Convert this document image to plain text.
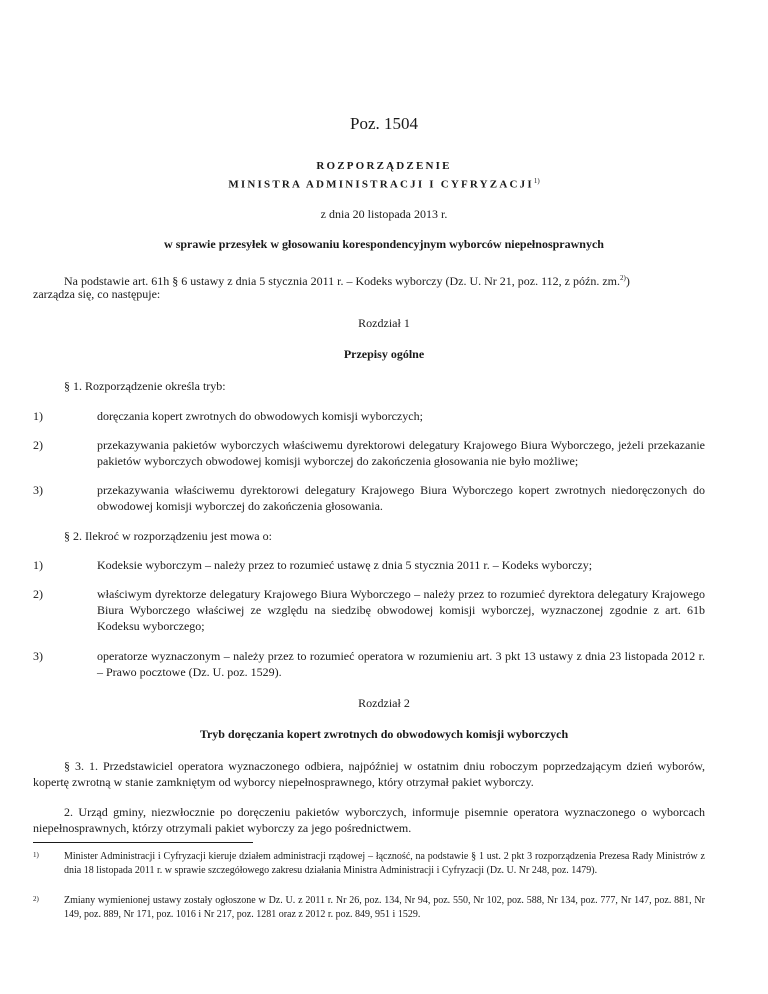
Poz. 1504
ROZPORZĄDZENIE
MINISTRA ADMINISTRACJI I CYFRYZACJI$^{1)}$
z dnia 20 listopada 2013 r.
w sprawie przesyłek w głosowaniu korespondencyjnym wyborców niepełnosprawnych
Na podstawie art. 61h § 6 ustawy z dnia 5 stycznia 2011 r. – Kodeks wyborczy (Dz. U. Nr 21, poz. 112, z późn. zm.$^{2)}$)
zarządza się, co następuje:
Rozdział 1
Przepisy ogólne
§ 1. Rozporządzenie określa tryb:
1)	doręczania kopert zwrotnych do obwodowych komisji wyborczych;
2)	przekazywania pakietów wyborczych właściwemu dyrektorowi delegatury Krajowego Biura Wyborczego, jeżeli przekazanie pakietów wyborczych obwodowej komisji wyborczej do zakończenia głosowania nie było możliwe;
3)	przekazywania właściwemu dyrektorowi delegatury Krajowego Biura Wyborczego kopert zwrotnych niedoręczonych do obwodowej komisji wyborczej do zakończenia głosowania.
§ 2. Ilekroć w rozporządzeniu jest mowa o:
1)	Kodeksie wyborczym – należy przez to rozumieć ustawę z dnia 5 stycznia 2011 r. – Kodeks wyborczy;
2)	właściwym dyrektorze delegatury Krajowego Biura Wyborczego – należy przez to rozumieć dyrektora delegatury Krajowego Biura Wyborczego właściwej ze względu na siedzibę obwodowej komisji wyborczej, wyznaczonej zgodnie z art. 61b Kodeksu wyborczego;
3)	operatorze wyznaczonym – należy przez to rozumieć operatora w rozumieniu art. 3 pkt 13 ustawy z dnia 23 listopada 2012 r. – Prawo pocztowe (Dz. U. poz. 1529).
Rozdział 2
Tryb doręczania kopert zwrotnych do obwodowych komisji wyborczych
§ 3. 1. Przedstawiciel operatora wyznaczonego odbiera, najpóźniej w ostatnim dniu roboczym poprzedzającym dzień wyborów, kopertę zwrotną w stanie zamkniętym od wyborcy niepełnosprawnego, który otrzymał pakiet wyborczy.
2. Urząd gminy, niezwłocznie po doręczeniu pakietów wyborczych, informuje pisemnie operatora wyznaczonego o wyborcach niepełnosprawnych, którzy otrzymali pakiet wyborczy za jego pośrednictwem.
1)	Minister Administracji i Cyfryzacji kieruje działem administracji rządowej – łączność, na podstawie § 1 ust. 2 pkt 3 rozporządzenia Prezesa Rady Ministrów z dnia 18 listopada 2011 r. w sprawie szczegółowego zakresu działania Ministra Administracji i Cyfryzacji (Dz. U. Nr 248, poz. 1479).
2)	Zmiany wymienionej ustawy zostały ogłoszone w Dz. U. z 2011 r. Nr 26, poz. 134, Nr 94, poz. 550, Nr 102, poz. 588, Nr 134, poz. 777, Nr 147, poz. 881, Nr 149, poz. 889, Nr 171, poz. 1016 i Nr 217, poz. 1281 oraz z 2012 r. poz. 849, 951 i 1529.
